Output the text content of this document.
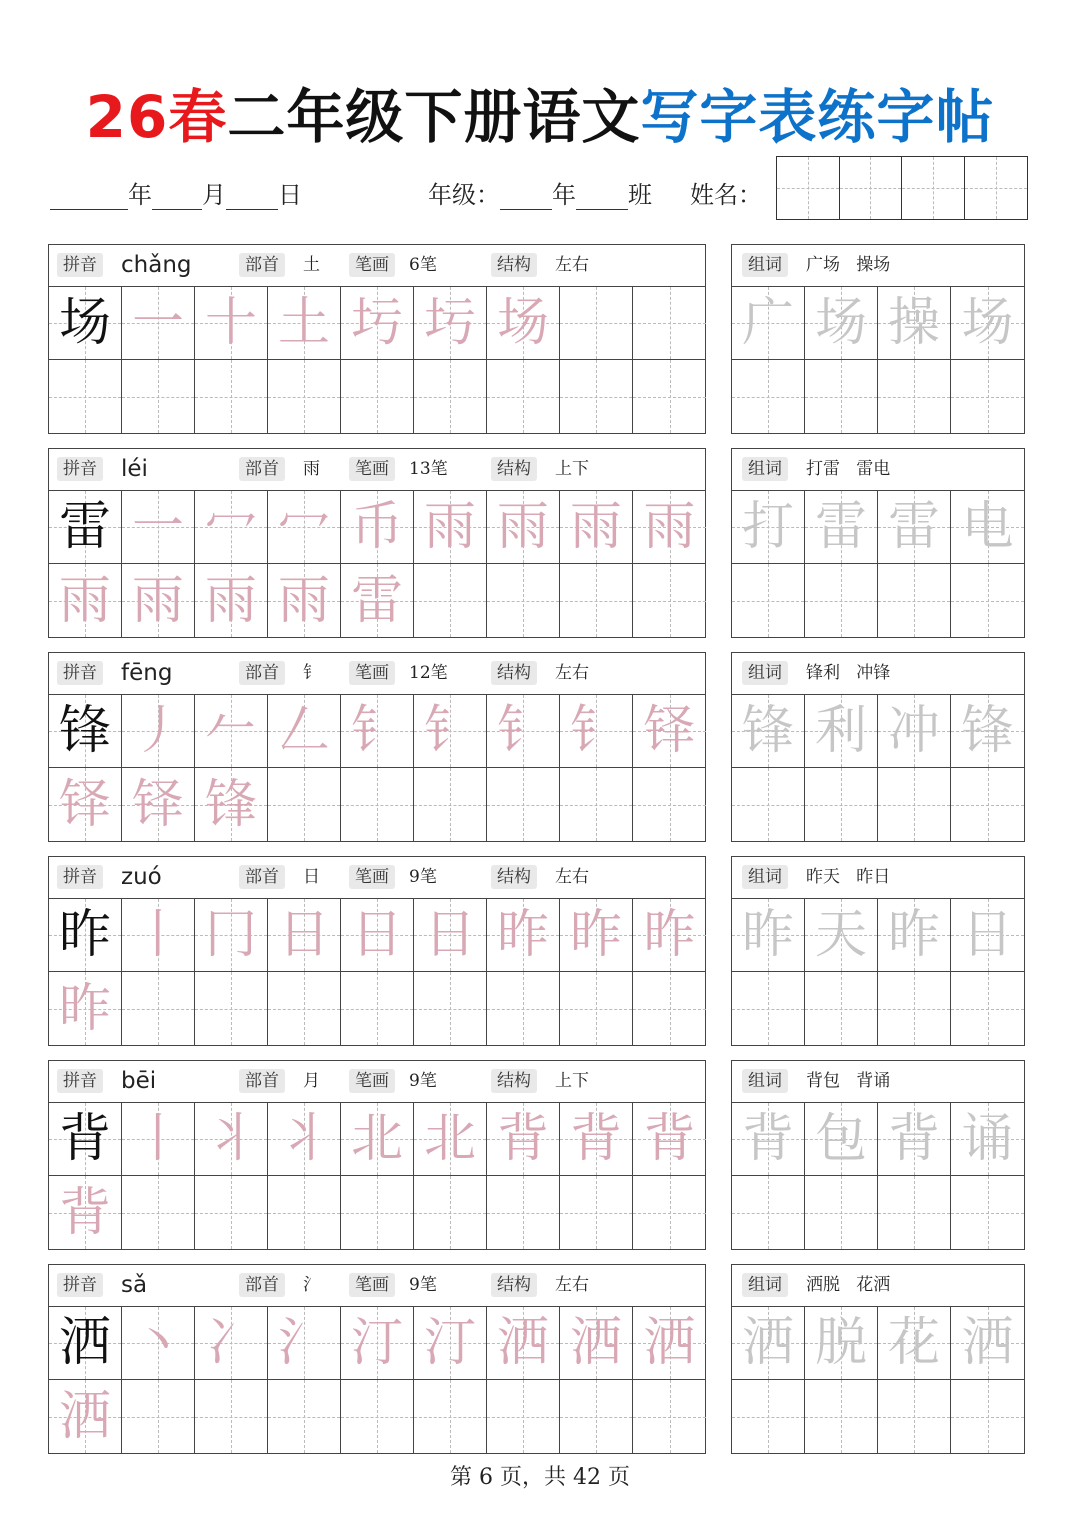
26春二年级下册语文写字表练字帖
年 月 日	年级： 年 班 姓名：
拼音 chǎng	部首	土	笔画	6笔	结构	左右
场 一 十 土 圬 圬 场
组词	广场   操场
广 场 操 场
拼音 léi	部首	雨	笔画	13笔	结构	上下
雷 一 冖 冖 币 雨 雨 雨 雨
雨 雨 雨 雨 雷
组词	打雷   雷电
打 雷 雷 电
拼音 fēng	部首	钅	笔画	12笔	结构	左右
锋 丿 𠂉 𠃋 钅 钅 钅 钅 铎
铎 铎 锋
组词	锋利   冲锋
锋 利 冲 锋
拼音 zuó	部首	日	笔画	9笔	结构	左右
昨 丨 冂 日 日 日 昨 昨 昨
昨
组词	昨天   昨日
昨 天 昨 日
拼音 bēi	部首	月	笔画	9笔	结构	上下
背 丨 丬 丬 北 北 背 背 背
背
组词	背包   背诵
背 包 背 诵
拼音 sǎ	部首	氵	笔画	9笔	结构	左右
洒 丶 冫 氵 汀 汀 洒 洒 洒
洒
组词	洒脱   花洒
洒 脱 花 洒
第 6 页，共 42 页
